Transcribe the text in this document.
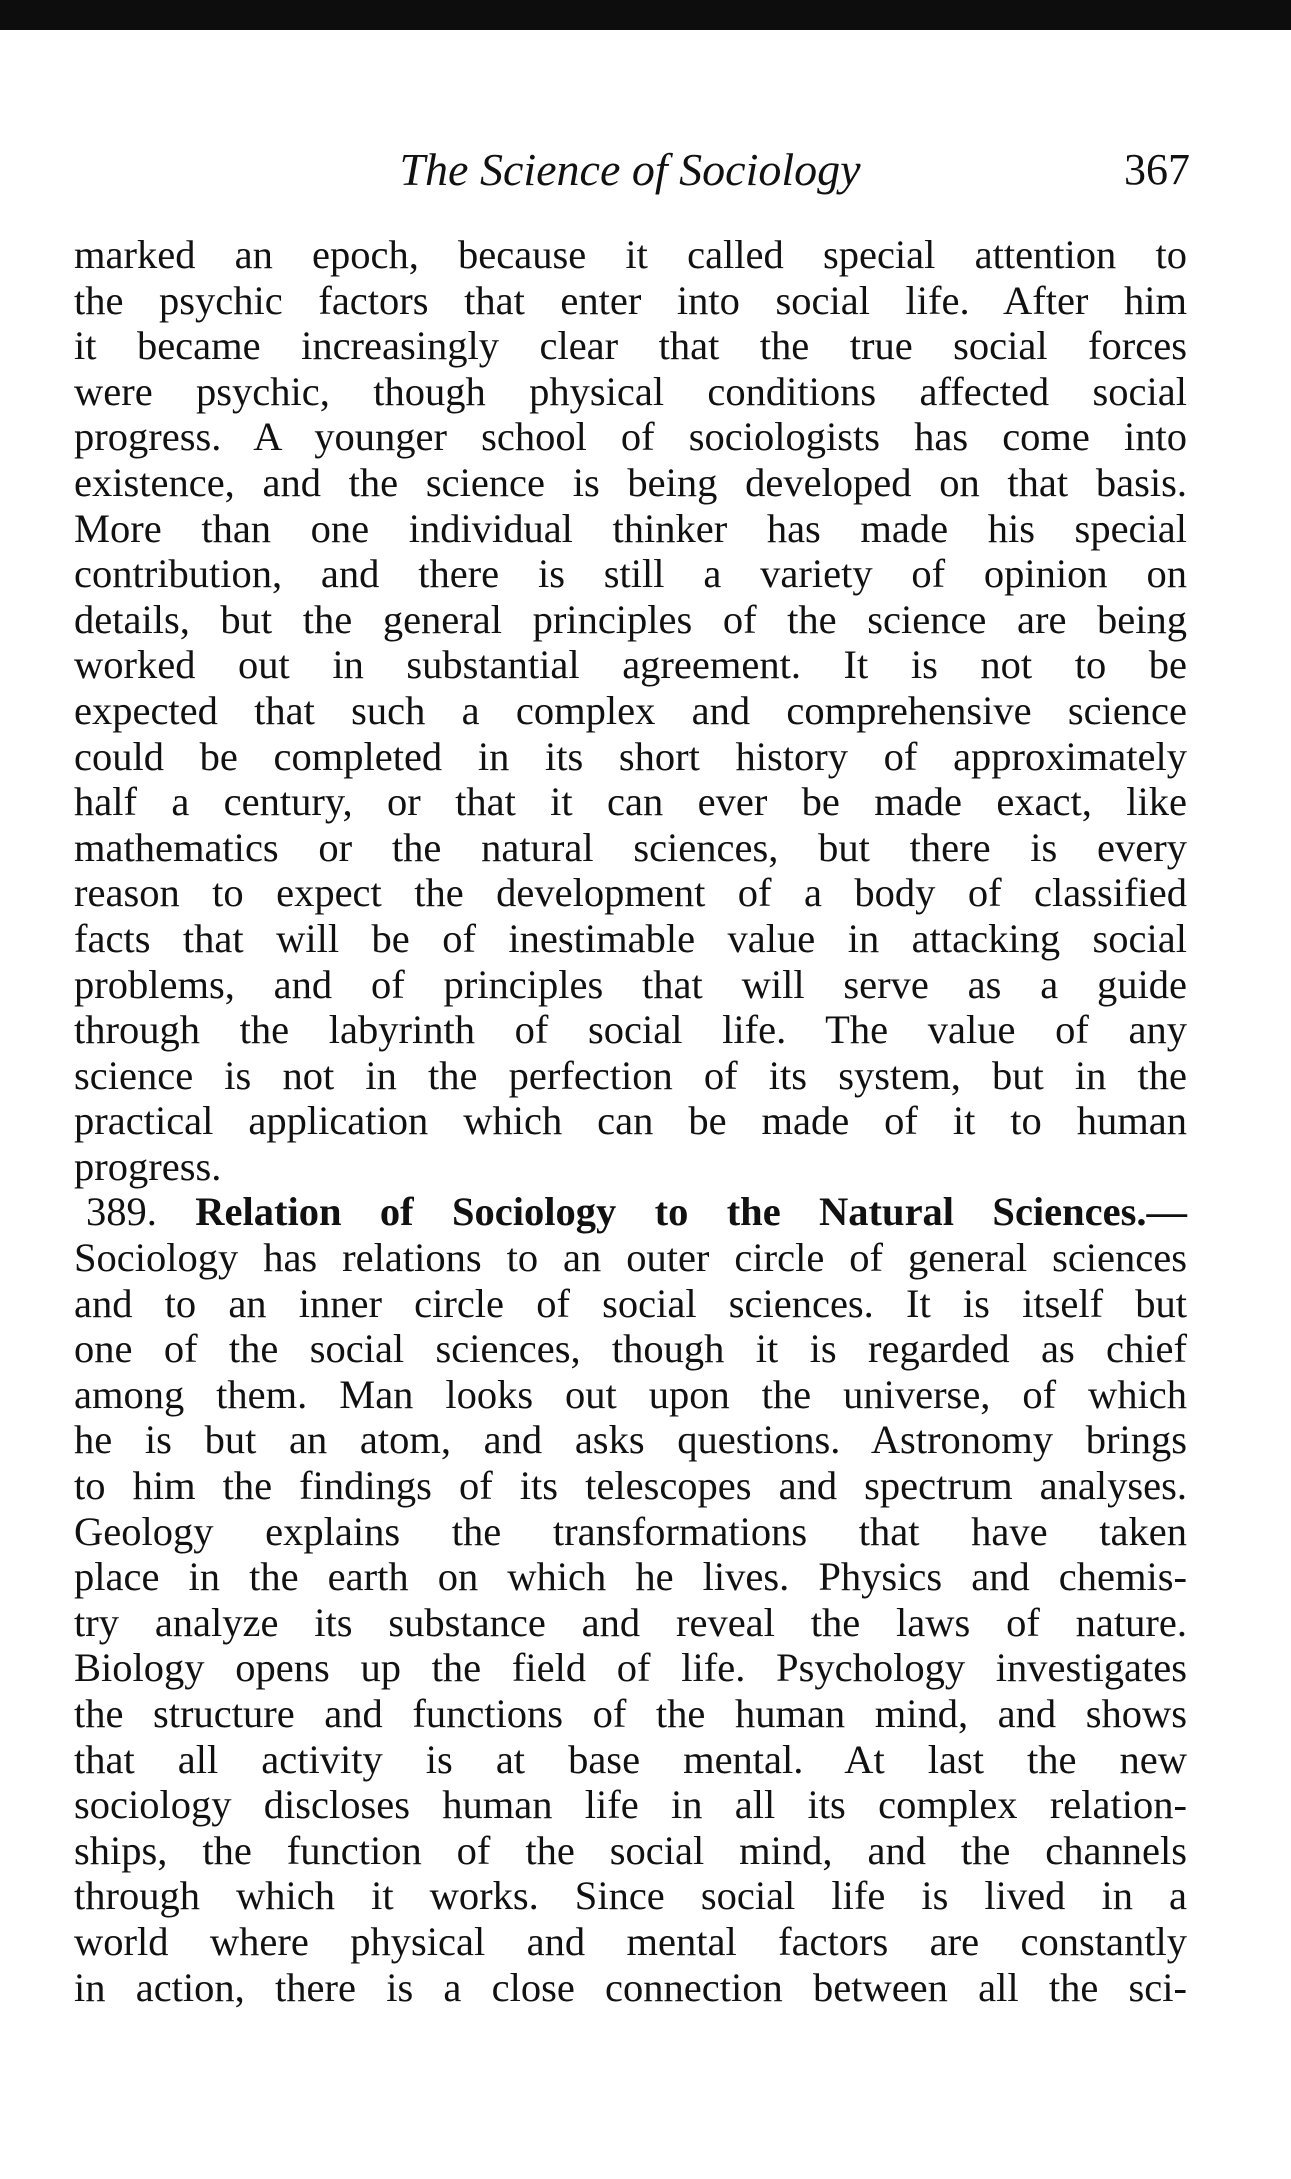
The Science of Sociology	367
marked an epoch, because it called special attention to
the psychic factors that enter into social life. After him
it became increasingly clear that the true social forces
were psychic, though physical conditions affected social
progress. A younger school of sociologists has come into
existence, and the science is being developed on that basis.
More than one individual thinker has made his special
contribution, and there is still a variety of opinion on
details, but the general principles of the science are being
worked out in substantial agreement. It is not to be
expected that such a complex and comprehensive science
could be completed in its short history of approximately
half a century, or that it can ever be made exact, like
mathematics or the natural sciences, but there is every
reason to expect the development of a body of classified
facts that will be of inestimable value in attacking social
problems, and of principles that will serve as a guide
through the labyrinth of social life. The value of any
science is not in the perfection of its system, but in the
practical application which can be made of it to human
progress.
389. Relation of Sociology to the Natural Sciences.—
Sociology has relations to an outer circle of general sciences
and to an inner circle of social sciences. It is itself but
one of the social sciences, though it is regarded as chief
among them. Man looks out upon the universe, of which
he is but an atom, and asks questions. Astronomy brings
to him the findings of its telescopes and spectrum analyses.
Geology explains the transformations that have taken
place in the earth on which he lives. Physics and chemis-
try analyze its substance and reveal the laws of nature.
Biology opens up the field of life. Psychology investigates
the structure and functions of the human mind, and shows
that all activity is at base mental. At last the new
sociology discloses human life in all its complex relation-
ships, the function of the social mind, and the channels
through which it works. Since social life is lived in a
world where physical and mental factors are constantly
in action, there is a close connection between all the sci-
